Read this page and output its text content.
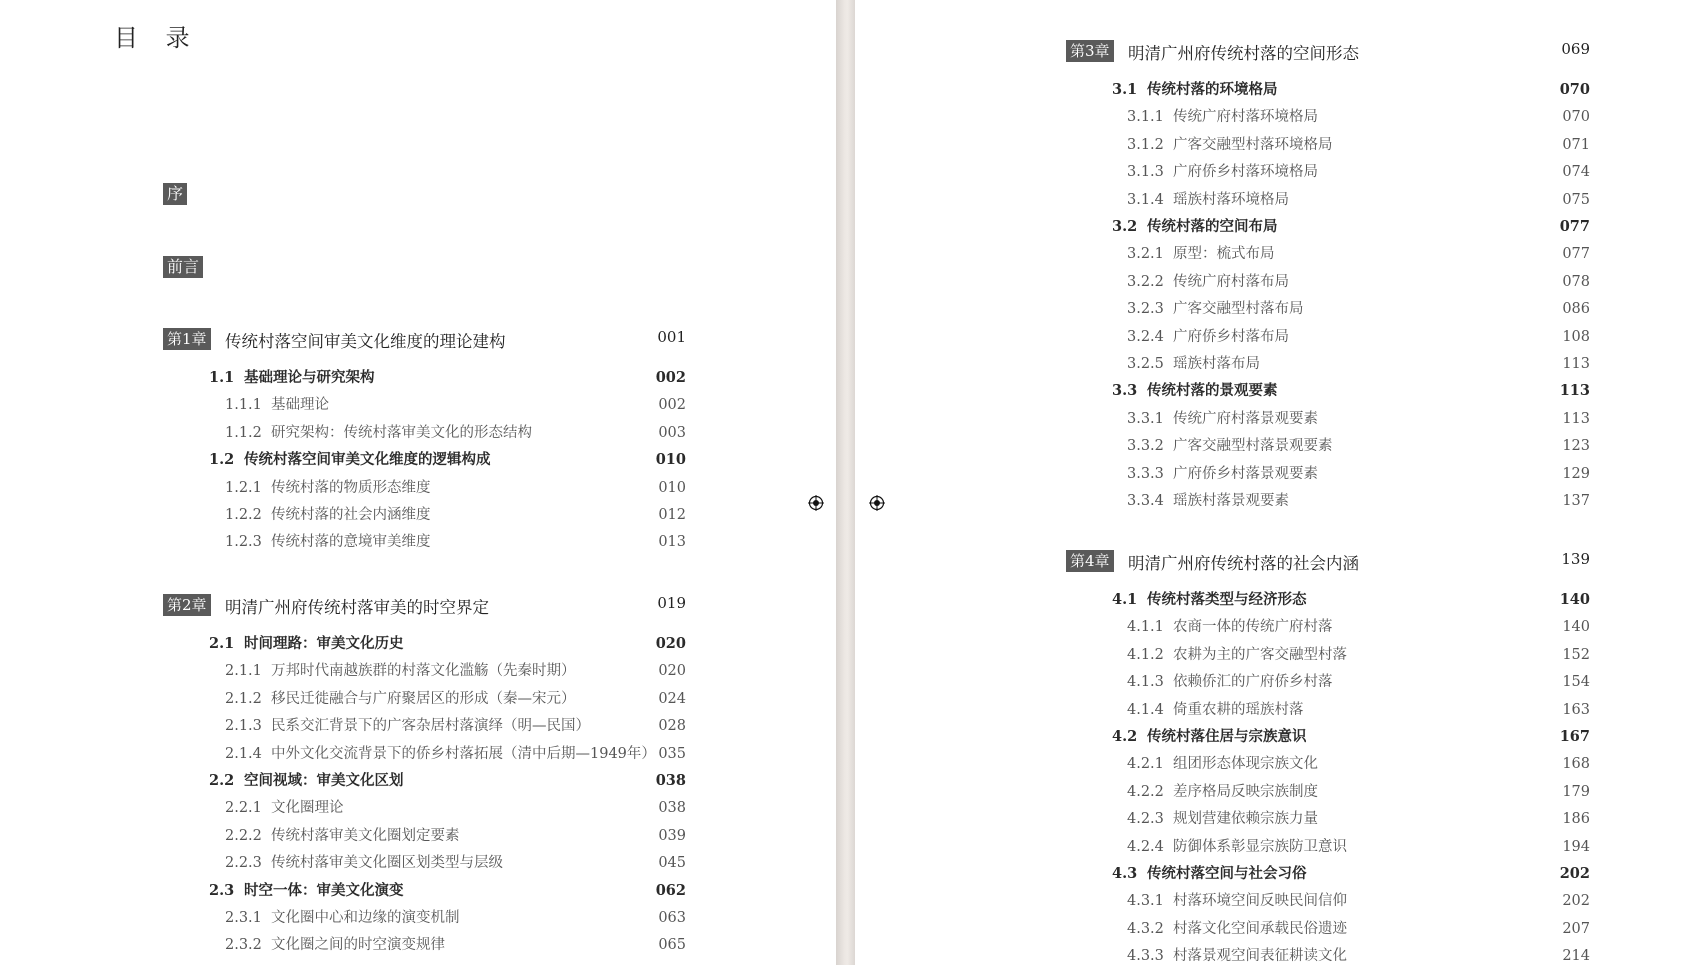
目 录
序
前言
第1章 传统村落空间审美文化维度的理论建构	001
1.1 基础理论与研究架构	002
1.1.1 基础理论	002
1.1.2 研究架构：传统村落审美文化的形态结构	003
1.2 传统村落空间审美文化维度的逻辑构成	010
1.2.1 传统村落的物质形态维度	010
1.2.2 传统村落的社会内涵维度	012
1.2.3 传统村落的意境审美维度	013
第2章 明清广州府传统村落审美的时空界定	019
2.1 时间理路：审美文化历史	020
2.1.1 万邦时代南越族群的村落文化滥觞（先秦时期）	020
2.1.2 移民迁徙融合与广府聚居区的形成（秦—宋元）	024
2.1.3 民系交汇背景下的广客杂居村落演绎（明—民国）	028
2.1.4 中外文化交流背景下的侨乡村落拓展（清中后期—1949年） 035
2.2 空间视域：审美文化区划	038
2.2.1 文化圈理论	038
2.2.2 传统村落审美文化圈划定要素	039
2.2.3 传统村落审美文化圈区划类型与层级	045
2.3 时空一体：审美文化演变	062
2.3.1 文化圈中心和边缘的演变机制	063
2.3.2 文化圈之间的时空演变规律	065
第3章 明清广州府传统村落的空间形态	069
3.1 传统村落的环境格局	070
3.1.1 传统广府村落环境格局	070
3.1.2 广客交融型村落环境格局	071
3.1.3 广府侨乡村落环境格局	074
3.1.4 瑶族村落环境格局	075
3.2 传统村落的空间布局	077
3.2.1 原型：梳式布局	077
3.2.2 传统广府村落布局	078
3.2.3 广客交融型村落布局	086
3.2.4 广府侨乡村落布局	108
3.2.5 瑶族村落布局	113
3.3 传统村落的景观要素	113
3.3.1 传统广府村落景观要素	113
3.3.2 广客交融型村落景观要素	123
3.3.3 广府侨乡村落景观要素	129
3.3.4 瑶族村落景观要素	137
第4章 明清广州府传统村落的社会内涵	139
4.1 传统村落类型与经济形态	140
4.1.1 农商一体的传统广府村落	140
4.1.2 农耕为主的广客交融型村落	152
4.1.3 依赖侨汇的广府侨乡村落	154
4.1.4 倚重农耕的瑶族村落	163
4.2 传统村落住居与宗族意识	167
4.2.1 组团形态体现宗族文化	168
4.2.2 差序格局反映宗族制度	179
4.2.3 规划营建依赖宗族力量	186
4.2.4 防御体系彰显宗族防卫意识	194
4.3 传统村落空间与社会习俗	202
4.3.1 村落环境空间反映民间信仰	202
4.3.2 村落文化空间承载民俗遗迹	207
4.3.3 村落景观空间表征耕读文化	214
